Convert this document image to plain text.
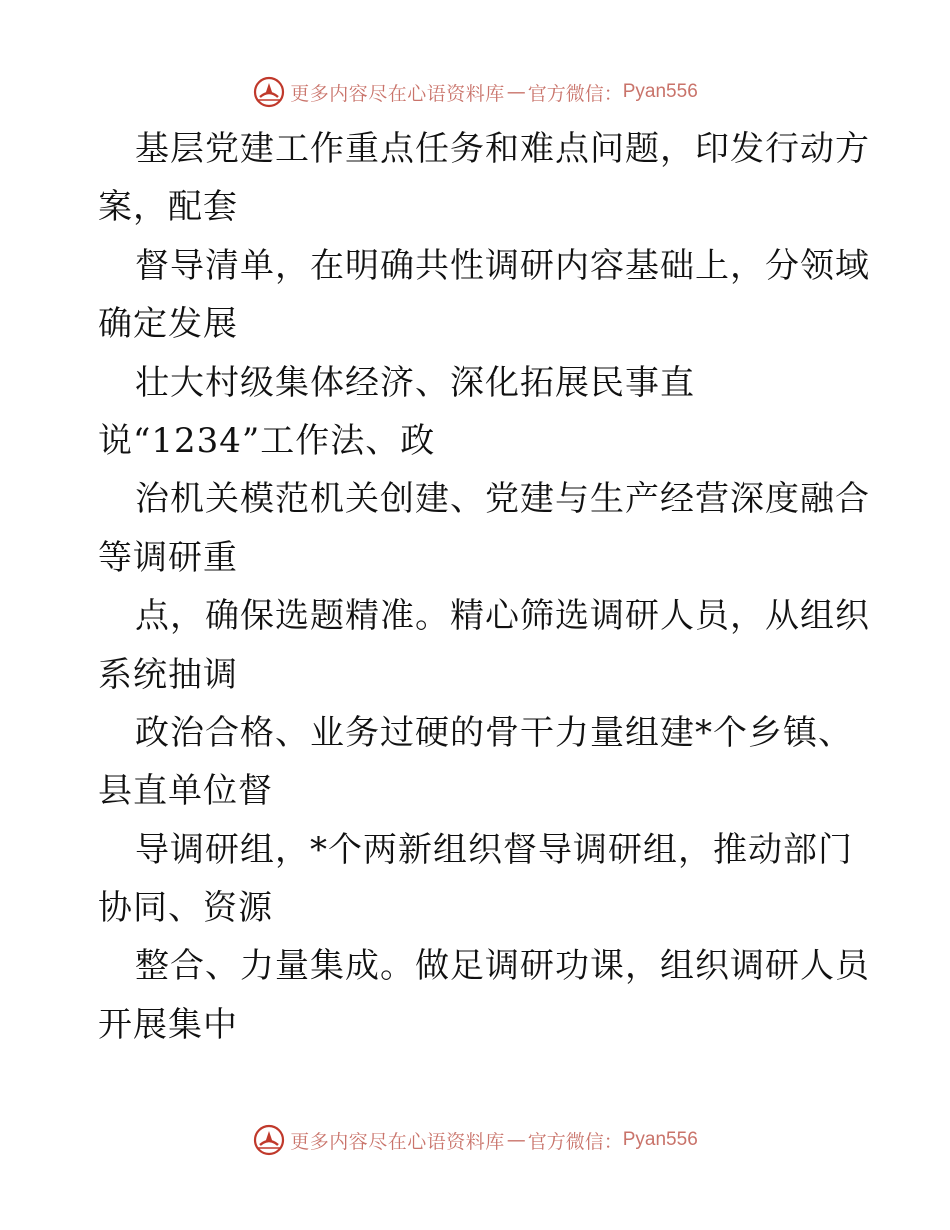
更多内容尽在心语资料库 — 官方微信： Pyan556
基层党建工作重点任务和难点问题，印发行动方
案，配套
督导清单，在明确共性调研内容基础上，分领域
确定发展
壮大村级集体经济、深化拓展民事直
说“1234”工作法、政
治机关模范机关创建、党建与生产经营深度融合
等调研重
点，确保选题精准。精心筛选调研人员，从组织
系统抽调
政治合格、业务过硬的骨干力量组建*个乡镇、
县直单位督
导调研组，*个两新组织督导调研组，推动部门
协同、资源
整合、力量集成。做足调研功课，组织调研人员
开展集中
更多内容尽在心语资料库 — 官方微信： Pyan556
